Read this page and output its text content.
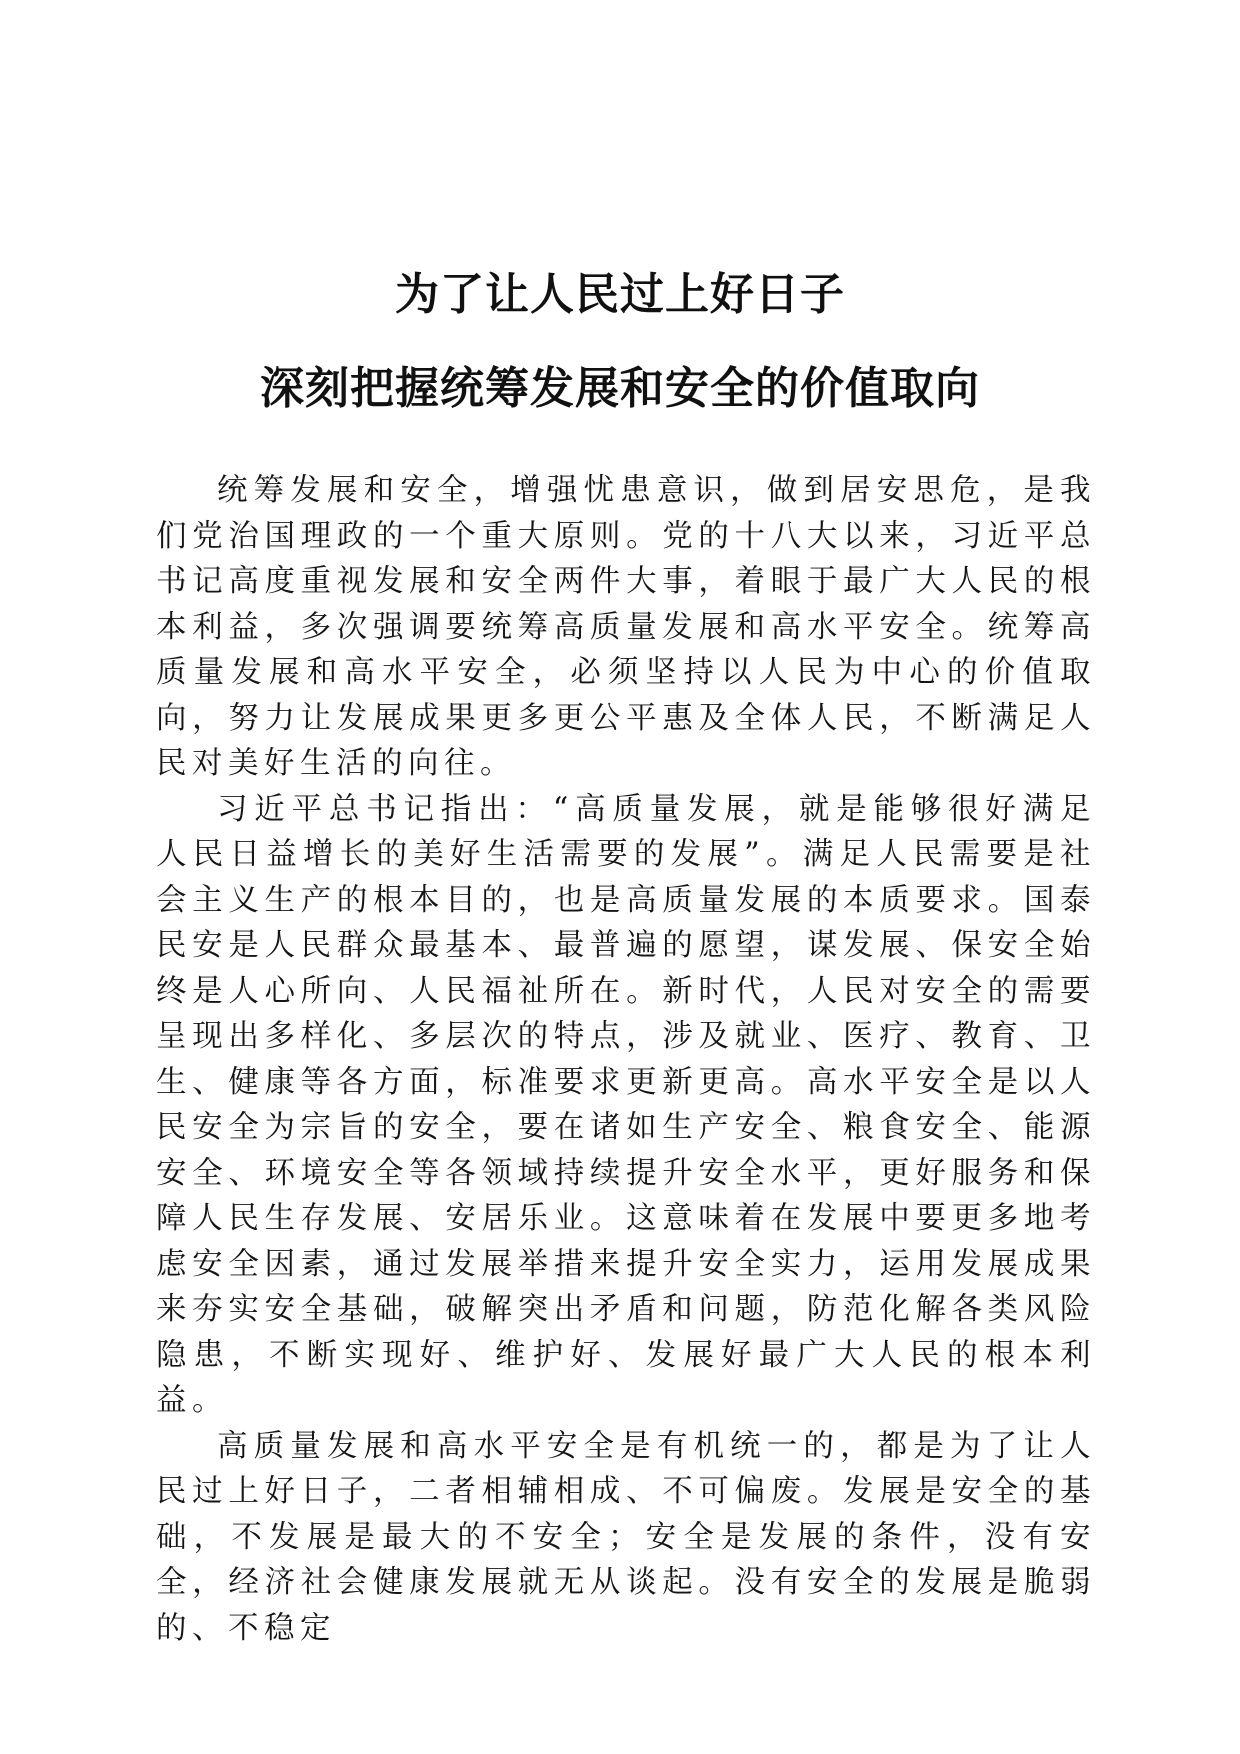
为了让人民过上好日子
深刻把握统筹发展和安全的价值取向

统筹发展和安全，增强忧患意识，做到居安思危，是我们党治国理政的一个重大原则。党的十八大以来，习近平总书记高度重视发展和安全两件大事，着眼于最广大人民的根本利益，多次强调要统筹高质量发展和高水平安全。统筹高质量发展和高水平安全，必须坚持以人民为中心的价值取向，努力让发展成果更多更公平惠及全体人民，不断满足人民对美好生活的向往。

习近平总书记指出：“高质量发展，就是能够很好满足人民日益增长的美好生活需要的发展”。满足人民需要是社会主义生产的根本目的，也是高质量发展的本质要求。国泰民安是人民群众最基本、最普遍的愿望，谋发展、保安全始终是人心所向、人民福祉所在。新时代，人民对安全的需要呈现出多样化、多层次的特点，涉及就业、医疗、教育、卫生、健康等各方面，标准要求更新更高。高水平安全是以人民安全为宗旨的安全，要在诸如生产安全、粮食安全、能源安全、环境安全等各领域持续提升安全水平，更好服务和保障人民生存发展、安居乐业。这意味着在发展中要更多地考虑安全因素，通过发展举措来提升安全实力，运用发展成果来夯实安全基础，破解突出矛盾和问题，防范化解各类风险隐患，不断实现好、维护好、发展好最广大人民的根本利益。

高质量发展和高水平安全是有机统一的，都是为了让人民过上好日子，二者相辅相成、不可偏废。发展是安全的基础，不发展是最大的不安全；安全是发展的条件，没有安全，经济社会健康发展就无从谈起。没有安全的发展是脆弱的、不稳定
